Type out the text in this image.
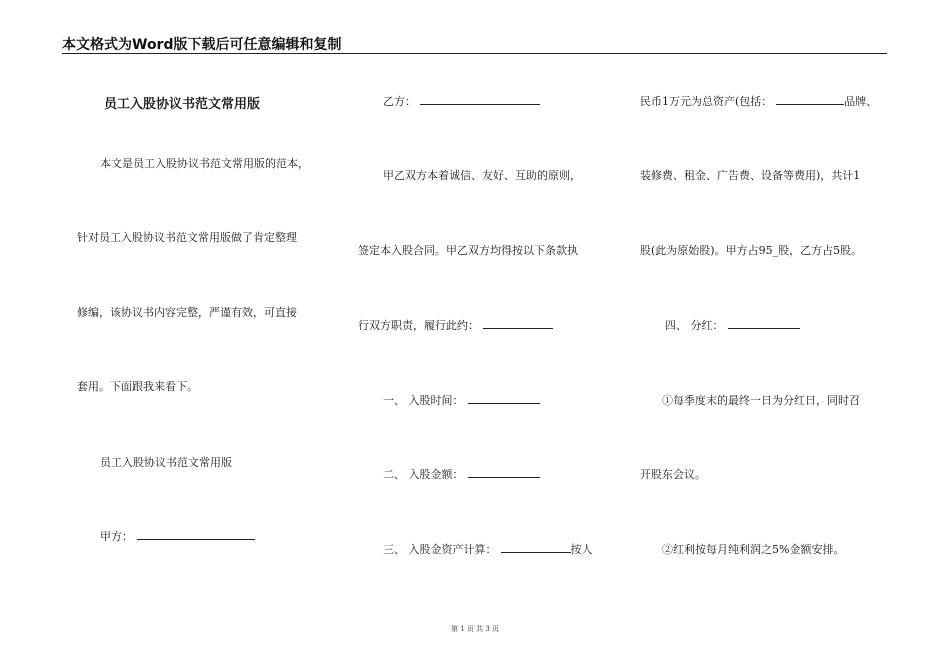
本文格式为Word版下载后可任意编辑和复制
员工入股协议书范文常用版
本文是员工入股协议书范文常用版的范本，
针对员工入股协议书范文常用版做了肯定整理
修编，该协议书内容完整，严谨有效，可直接
套用。下面跟我来看下。
员工入股协议书范文常用版
甲方：
乙方：
甲乙双方本着诚信、友好、互助的原则，
签定本入股合同。甲乙双方均得按以下条款执
行双方职责，履行此约：
一、 入股时间：
二、 入股金额：
三、 入股金资产计算：	按人
民币1万元为总资产(包括：	品牌、
装修费、租金、广告费、设备等费用)，共计1
股(此为原始股)。甲方占95_股，乙方占5股。
四、 分红：
①每季度末的最终一日为分红日，同时召
开股东会议。
②红利按每月纯利润之5%金额安排。
第 1 页 共 3 页
